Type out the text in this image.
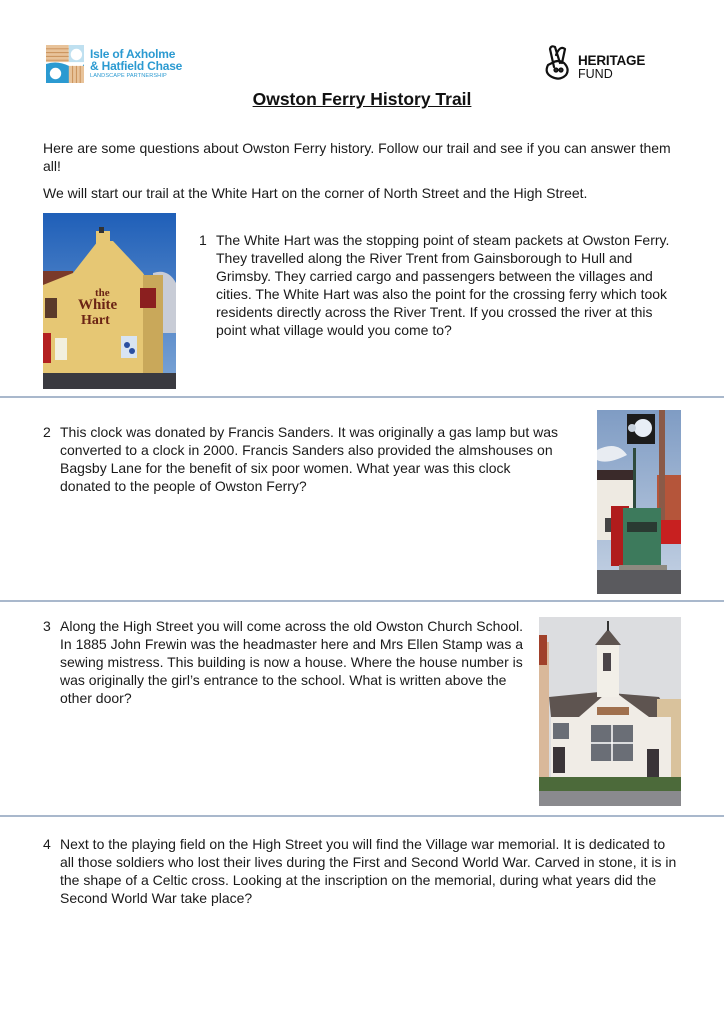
Isle of Axholme
& Hatfield Chase
LANDSCAPE PARTNERSHIP
HERITAGE
FUND
Owston Ferry History Trail

Here are some questions about Owston Ferry history. Follow our trail and see if you can answer them all!

We will start our trail at the White Hart on the corner of North Street and the High Street.

the
White
Hart
1 The White Hart was the stopping point of steam packets at Owston Ferry. They travelled along the River Trent from Gainsborough to Hull and Grimsby. They carried cargo and passengers between the villages and cities. The White Hart was also the point for the crossing ferry which took residents directly across the River Trent. If you crossed the river at this point what village would you come to?

2 This clock was donated by Francis Sanders. It was originally a gas lamp but was converted to a clock in 2000. Francis Sanders also provided the almshouses on Bagsby Lane for the benefit of six poor women. What year was this clock donated to the people of Owston Ferry?

3 Along the High Street you will come across the old Owston Church School. In 1885 John Frewin was the headmaster here and Mrs Ellen Stamp was a sewing mistress. This building is now a house. Where the house number is was originally the girl’s entrance to the school. What is written above the other door?

4 Next to the playing field on the High Street you will find the Village war memorial. It is dedicated to all those soldiers who lost their lives during the First and Second World War. Carved in stone, it is in the shape of a Celtic cross. Looking at the inscription on the memorial, during what years did the Second World War take place?
